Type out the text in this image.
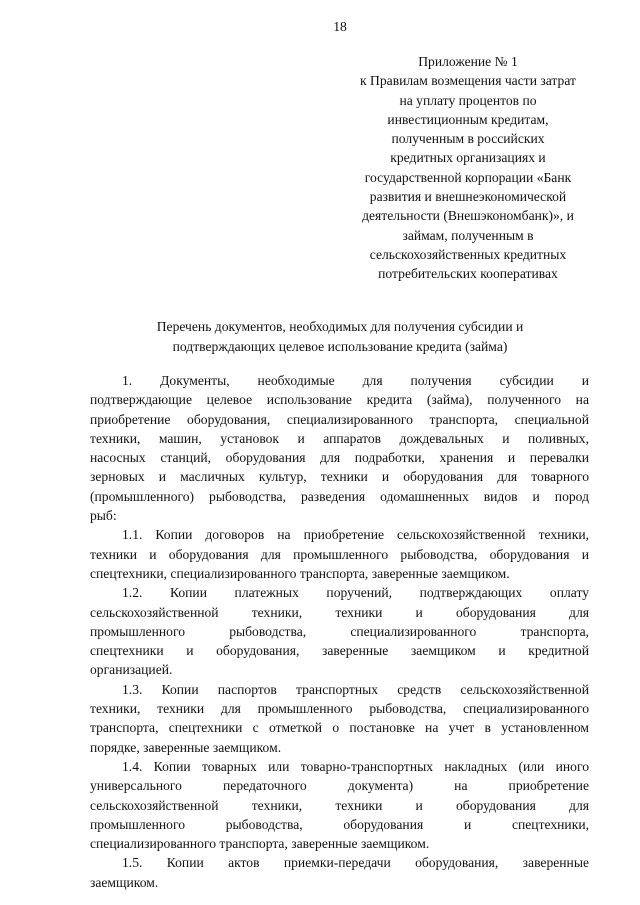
18
Приложение № 1
к Правилам возмещения части затрат
на уплату процентов по
инвестиционным кредитам,
полученным в российских
кредитных организациях и
государственной корпорации «Банк
развития и внешнеэкономической
деятельности (Внешэкономбанк)», и
займам, полученным в
сельскохозяйственных кредитных
потребительских кооперативах
Перечень документов, необходимых для получения субсидии и
подтверждающих целевое использование кредита (займа)
1. Документы, необходимые для получения субсидии и
подтверждающие целевое использование кредита (займа), полученного на
приобретение оборудования, специализированного транспорта, специальной
техники, машин, установок и аппаратов дождевальных и поливных,
насосных станций, оборудования для подработки, хранения и перевалки
зерновых и масличных культур, техники и оборудования для товарного
(промышленного) рыбоводства, разведения одомашненных видов и пород
рыб:
1.1. Копии договоров на приобретение сельскохозяйственной техники,
техники и оборудования для промышленного рыбоводства, оборудования и
спецтехники, специализированного транспорта, заверенные заемщиком.
1.2. Копии платежных поручений, подтверждающих оплату
сельскохозяйственной техники, техники и оборудования для
промышленного рыбоводства, специализированного транспорта,
спецтехники и оборудования, заверенные заемщиком и кредитной
организацией.
1.3. Копии паспортов транспортных средств сельскохозяйственной
техники, техники для промышленного рыбоводства, специализированного
транспорта, спецтехники с отметкой о постановке на учет в установленном
порядке, заверенные заемщиком.
1.4. Копии товарных или товарно-транспортных накладных (или иного
универсального передаточного документа) на приобретение
сельскохозяйственной техники, техники и оборудования для
промышленного рыбоводства, оборудования и спецтехники,
специализированного транспорта, заверенные заемщиком.
1.5. Копии актов приемки-передачи оборудования, заверенные
заемщиком.
